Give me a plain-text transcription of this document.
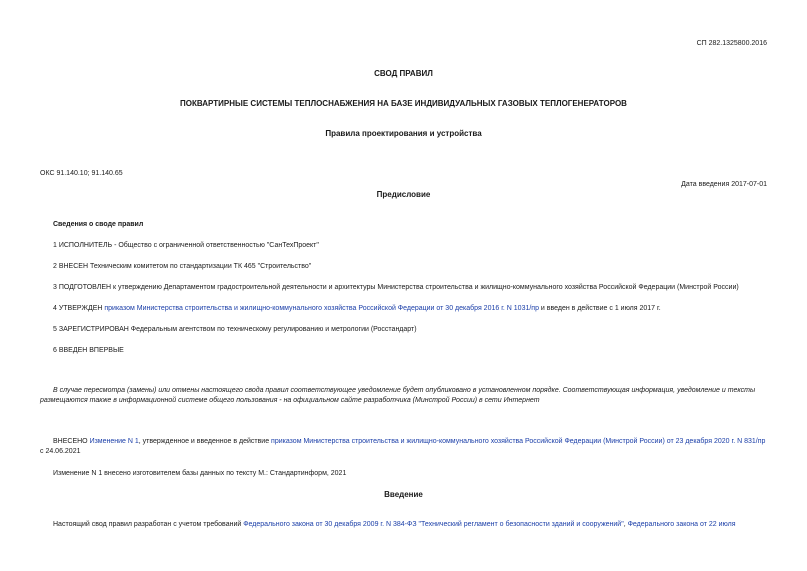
СП 282.1325800.2016
СВОД ПРАВИЛ
ПОКВАРТИРНЫЕ СИСТЕМЫ ТЕПЛОСНАБЖЕНИЯ НА БАЗЕ ИНДИВИДУАЛЬНЫХ ГАЗОВЫХ ТЕПЛОГЕНЕРАТОРОВ
Правила проектирования и устройства
ОКС 91.140.10; 91.140.65
Дата введения 2017-07-01
Предисловие
Сведения о своде правил
1 ИСПОЛНИТЕЛЬ - Общество с ограниченной ответственностью "СанТехПроект"
2 ВНЕСЕН Техническим комитетом по стандартизации ТК 465 "Строительство"
3 ПОДГОТОВЛЕН к утверждению Департаментом градостроительной деятельности и архитектуры Министерства строительства и жилищно-коммунального хозяйства Российской Федерации (Минстрой России)
4 УТВЕРЖДЕН приказом Министерства строительства и жилищно-коммунального хозяйства Российской Федерации от 30 декабря 2016 г. N 1031/пр и введен в действие с 1 июля 2017 г.
5 ЗАРЕГИСТРИРОВАН Федеральным агентством по техническому регулированию и метрологии (Росстандарт)
6 ВВЕДЕН ВПЕРВЫЕ
В случае пересмотра (замены) или отмены настоящего свода правил соответствующее уведомление будет опубликовано в установленном порядке. Соответствующая информация, уведомление и тексты размещаются также в информационной системе общего пользования - на официальном сайте разработчика (Минстрой России) в сети Интернет
ВНЕСЕНО Изменение N 1, утвержденное и введенное в действие приказом Министерства строительства и жилищно-коммунального хозяйства Российской Федерации (Минстрой России) от 23 декабря 2020 г. N 831/пр с 24.06.2021
Изменение N 1 внесено изготовителем базы данных по тексту М.: Стандартинформ, 2021
Введение
Настоящий свод правил разработан с учетом требований Федерального закона от 30 декабря 2009 г. N 384-ФЗ "Технический регламент о безопасности зданий и сооружений", Федерального закона от 22 июля
